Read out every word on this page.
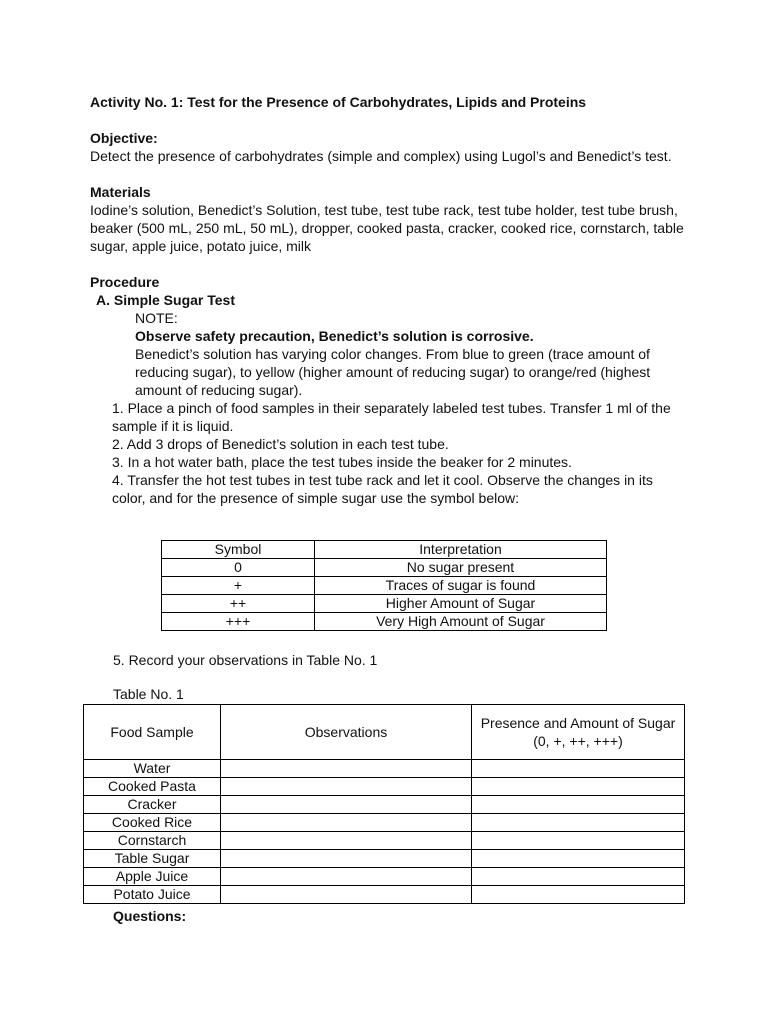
Activity No. 1: Test for the Presence of Carbohydrates, Lipids and Proteins

Objective:

Detect the presence of carbohydrates (simple and complex) using Lugol’s and Benedict’s test.

Materials

Iodine’s solution, Benedict’s Solution, test tube, test tube rack, test tube holder, test tube brush, beaker (500 mL, 250 mL, 50 mL), dropper, cooked pasta, cracker, cooked rice, cornstarch, table sugar, apple juice, potato juice, milk

Procedure

A. Simple Sugar Test

NOTE:

Observe safety precaution, Benedict’s solution is corrosive.

Benedict’s solution has varying color changes. From blue to green (trace amount of reducing sugar), to yellow (higher amount of reducing sugar) to orange/red (highest amount of reducing sugar).

1. Place a pinch of food samples in their separately labeled test tubes. Transfer 1 ml of the sample if it is liquid.

2. Add 3 drops of Benedict’s solution in each test tube.

3. In a hot water bath, place the test tubes inside the beaker for 2 minutes.

4. Transfer the hot test tubes in test tube rack and let it cool. Observe the changes in its color, and for the presence of simple sugar use the symbol below:

Symbol	Interpretation
0	No sugar present
+	Traces of sugar is found
++	Higher Amount of Sugar
+++	Very High Amount of Sugar

5. Record your observations in Table No. 1

Table No. 1

Food Sample	Observations	Presence and Amount of Sugar
(0, +, ++, +++)
Water		
Cooked Pasta		
Cracker		
Cooked Rice		
Cornstarch		
Table Sugar		
Apple Juice		
Potato Juice		

Questions:
